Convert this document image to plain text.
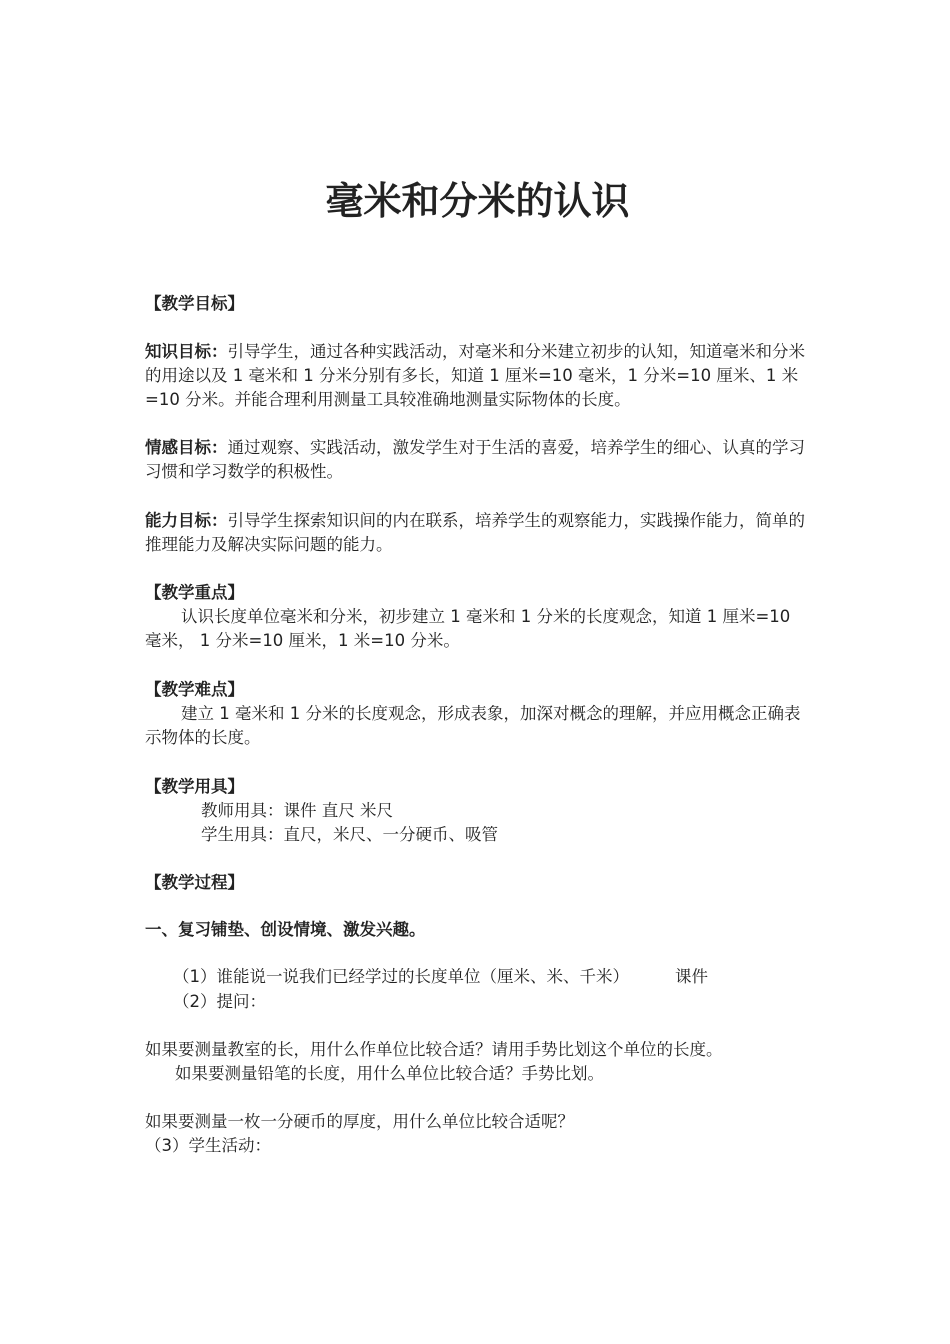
毫米和分米的认识
【教学目标】

知识目标：引导学生，通过各种实践活动，对毫米和分米建立初步的认知，知道毫米和分米的用途以及 1 毫米和 1 分米分别有多长，知道 1 厘米=10 毫米，1 分米=10 厘米、1 米=10 分米。并能合理利用测量工具较准确地测量实际物体的长度。

情感目标：通过观察、实践活动，激发学生对于生活的喜爱，培养学生的细心、认真的学习习惯和学习数学的积极性。

能力目标：引导学生探索知识间的内在联系，培养学生的观察能力，实践操作能力，简单的推理能力及解决实际问题的能力。

【教学重点】

认识长度单位毫米和分米，初步建立 1 毫米和 1 分米的长度观念，知道 1 厘米=10 毫米， 1 分米=10 厘米，1 米=10 分米。

【教学难点】

建立 1 毫米和 1 分米的长度观念，形成表象，加深对概念的理解，并应用概念正确表示物体的长度。

【教学用具】

教师用具：课件 直尺 米尺

学生用具：直尺，米尺、一分硬币、吸管

【教学过程】
一、复习铺垫、创设情境、激发兴趣。

（1）谁能说一说我们已经学过的长度单位（厘米、米、千米）	课件

（2）提问：

如果要测量教室的长，用什么作单位比较合适？请用手势比划这个单位的长度。

如果要测量铅笔的长度，用什么单位比较合适？手势比划。

如果要测量一枚一分硬币的厚度，用什么单位比较合适呢？

（3）学生活动：
